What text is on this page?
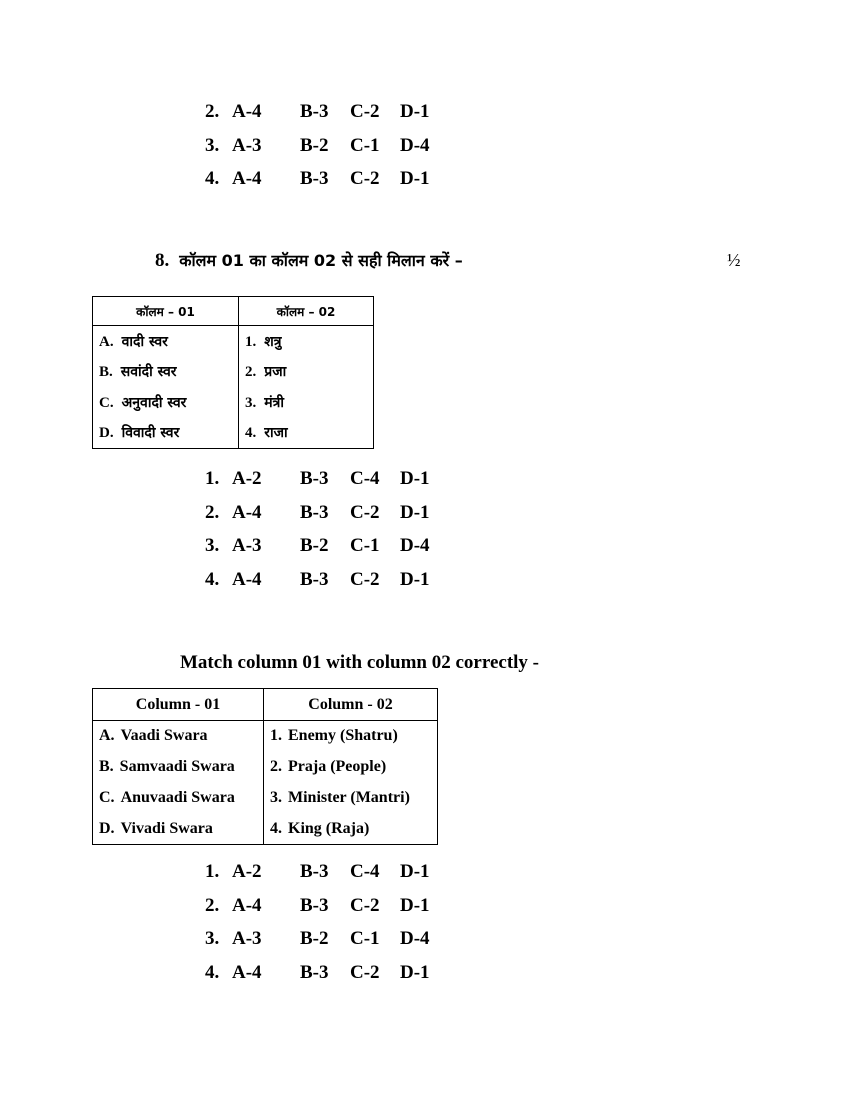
2. A-4 B-3 C-2 D-1
3. A-3 B-2 C-1 D-4
4. A-4 B-3 C-2 D-1
8. कॉलम 01 का कॉलम 02 से सही मिलान करें –	½
कॉलम – 01	कॉलम – 02
A. वादी स्वर	1. शत्रु
B. सवांदी स्वर	2. प्रजा
C. अनुवादी स्वर	3. मंत्री
D. विवादी स्वर	4. राजा
1. A-2 B-3 C-4 D-1
2. A-4 B-3 C-2 D-1
3. A-3 B-2 C-1 D-4
4. A-4 B-3 C-2 D-1
Match column 01 with column 02 correctly -
Column - 01	Column - 02
A. Vaadi Swara	1. Enemy (Shatru)
B. Samvaadi Swara	2. Praja (People)
C. Anuvaadi Swara	3. Minister (Mantri)
D. Vivadi Swara	4. King (Raja)
1. A-2 B-3 C-4 D-1
2. A-4 B-3 C-2 D-1
3. A-3 B-2 C-1 D-4
4. A-4 B-3 C-2 D-1
